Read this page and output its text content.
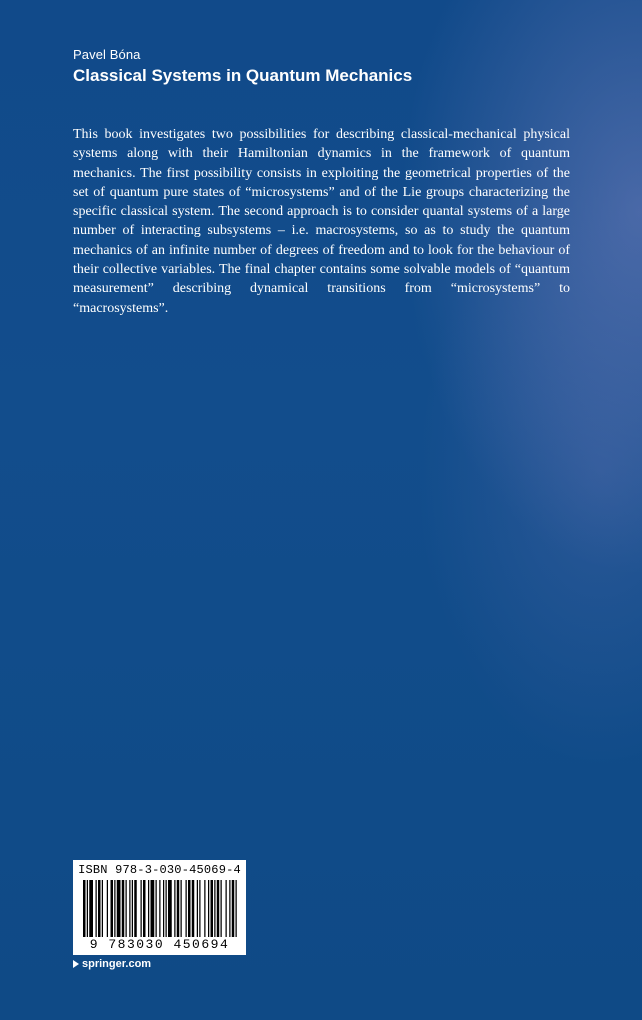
Pavel Bóna
Classical Systems in Quantum Mechanics

This book investigates two possibilities for describing classical-mechanical physical systems along with their Hamiltonian dynamics in the framework of quantum mechanics. The first possibility consists in exploiting the geometrical properties of the set of quantum pure states of “microsystems” and of the Lie groups characterizing the specific classical system. The second approach is to consider quantal systems of a large number of interacting subsystems – i.e. macrosystems, so as to study the quantum mechanics of an infinite number of degrees of freedom and to look for the behaviour of their collective variables. The final chapter contains some solvable models of “quantum measurement” describing dynamical transitions from “microsystems” to “macrosystems”.

ISBN 978-3-030-45069-4
9 783030 450694
springer.com
